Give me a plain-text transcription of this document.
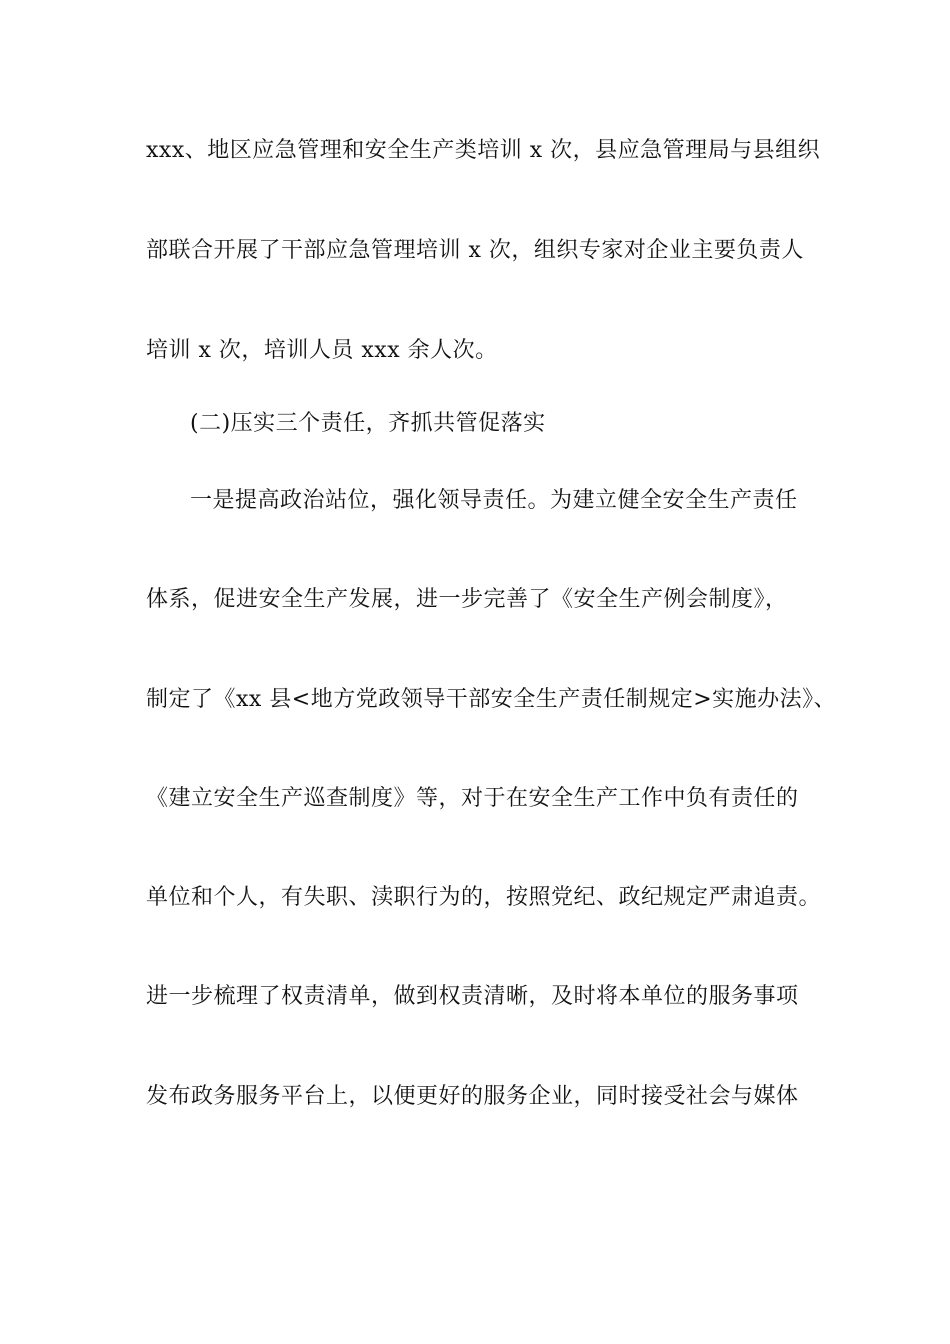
xxx、地区应急管理和安全生产类培训 x 次，县应急管理局与县组织
部联合开展了干部应急管理培训 x 次，组织专家对企业主要负责人
培训 x 次，培训人员 xxx 余人次。
(二)压实三个责任，齐抓共管促落实
一是提高政治站位，强化领导责任。为建立健全安全生产责任
体系，促进安全生产发展，进一步完善了《安全生产例会制度》，
制定了《xx 县<地方党政领导干部安全生产责任制规定>实施办法》、
《建立安全生产巡查制度》等，对于在安全生产工作中负有责任的
单位和个人，有失职、渎职行为的，按照党纪、政纪规定严肃追责。
进一步梳理了权责清单，做到权责清晰，及时将本单位的服务事项
发布政务服务平台上，以便更好的服务企业，同时接受社会与媒体
